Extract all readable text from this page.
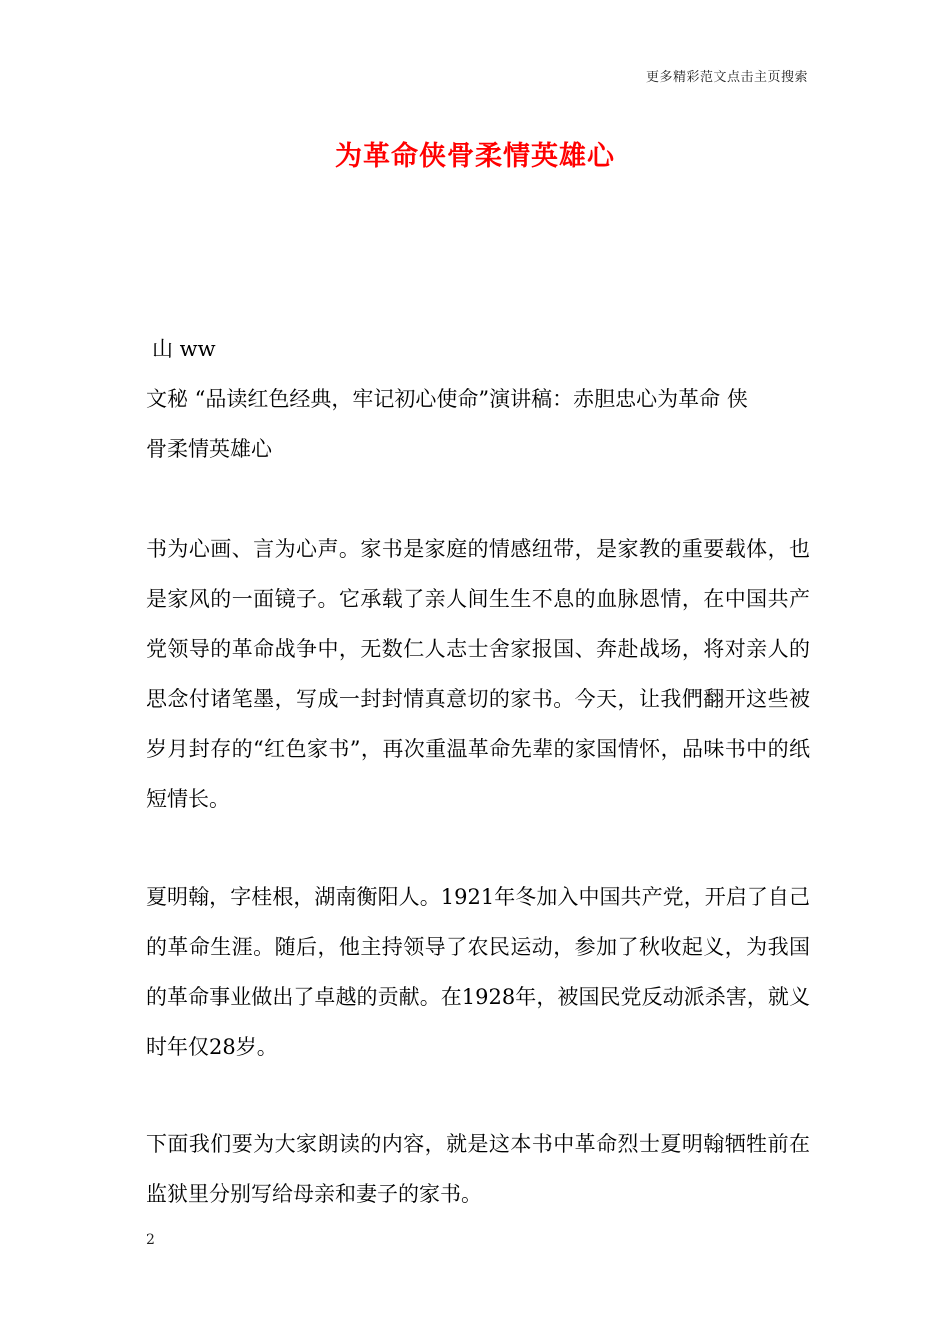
更多精彩范文点击主页搜索
为革命侠骨柔情英雄心
山 ww
文秘 “品读红色经典，牢记初心使命”演讲稿：赤胆忠心为革命 侠
骨柔情英雄心
书为心画、言为心声。家书是家庭的情感纽带，是家教的重要载体，也是家风的一面镜子。它承载了亲人间生生不息的血脉恩情，在中国共产党领导的革命战争中，无数仁人志士舍家报国、奔赴战场，将对亲人的思念付诸笔墨，写成一封封情真意切的家书。今天，让我們翻开这些被岁月封存的“红色家书”，再次重温革命先辈的家国情怀，品味书中的纸短情长。
夏明翰，字桂根，湖南衡阳人。1921年冬加入中国共产党，开启了自己的革命生涯。随后，他主持领导了农民运动，参加了秋收起义，为我国的革命事业做出了卓越的贡献。在1928年，被国民党反动派杀害，就义时年仅28岁。
下面我们要为大家朗读的内容，就是这本书中革命烈士夏明翰牺牲前在监狱里分别写给母亲和妻子的家书。
2
